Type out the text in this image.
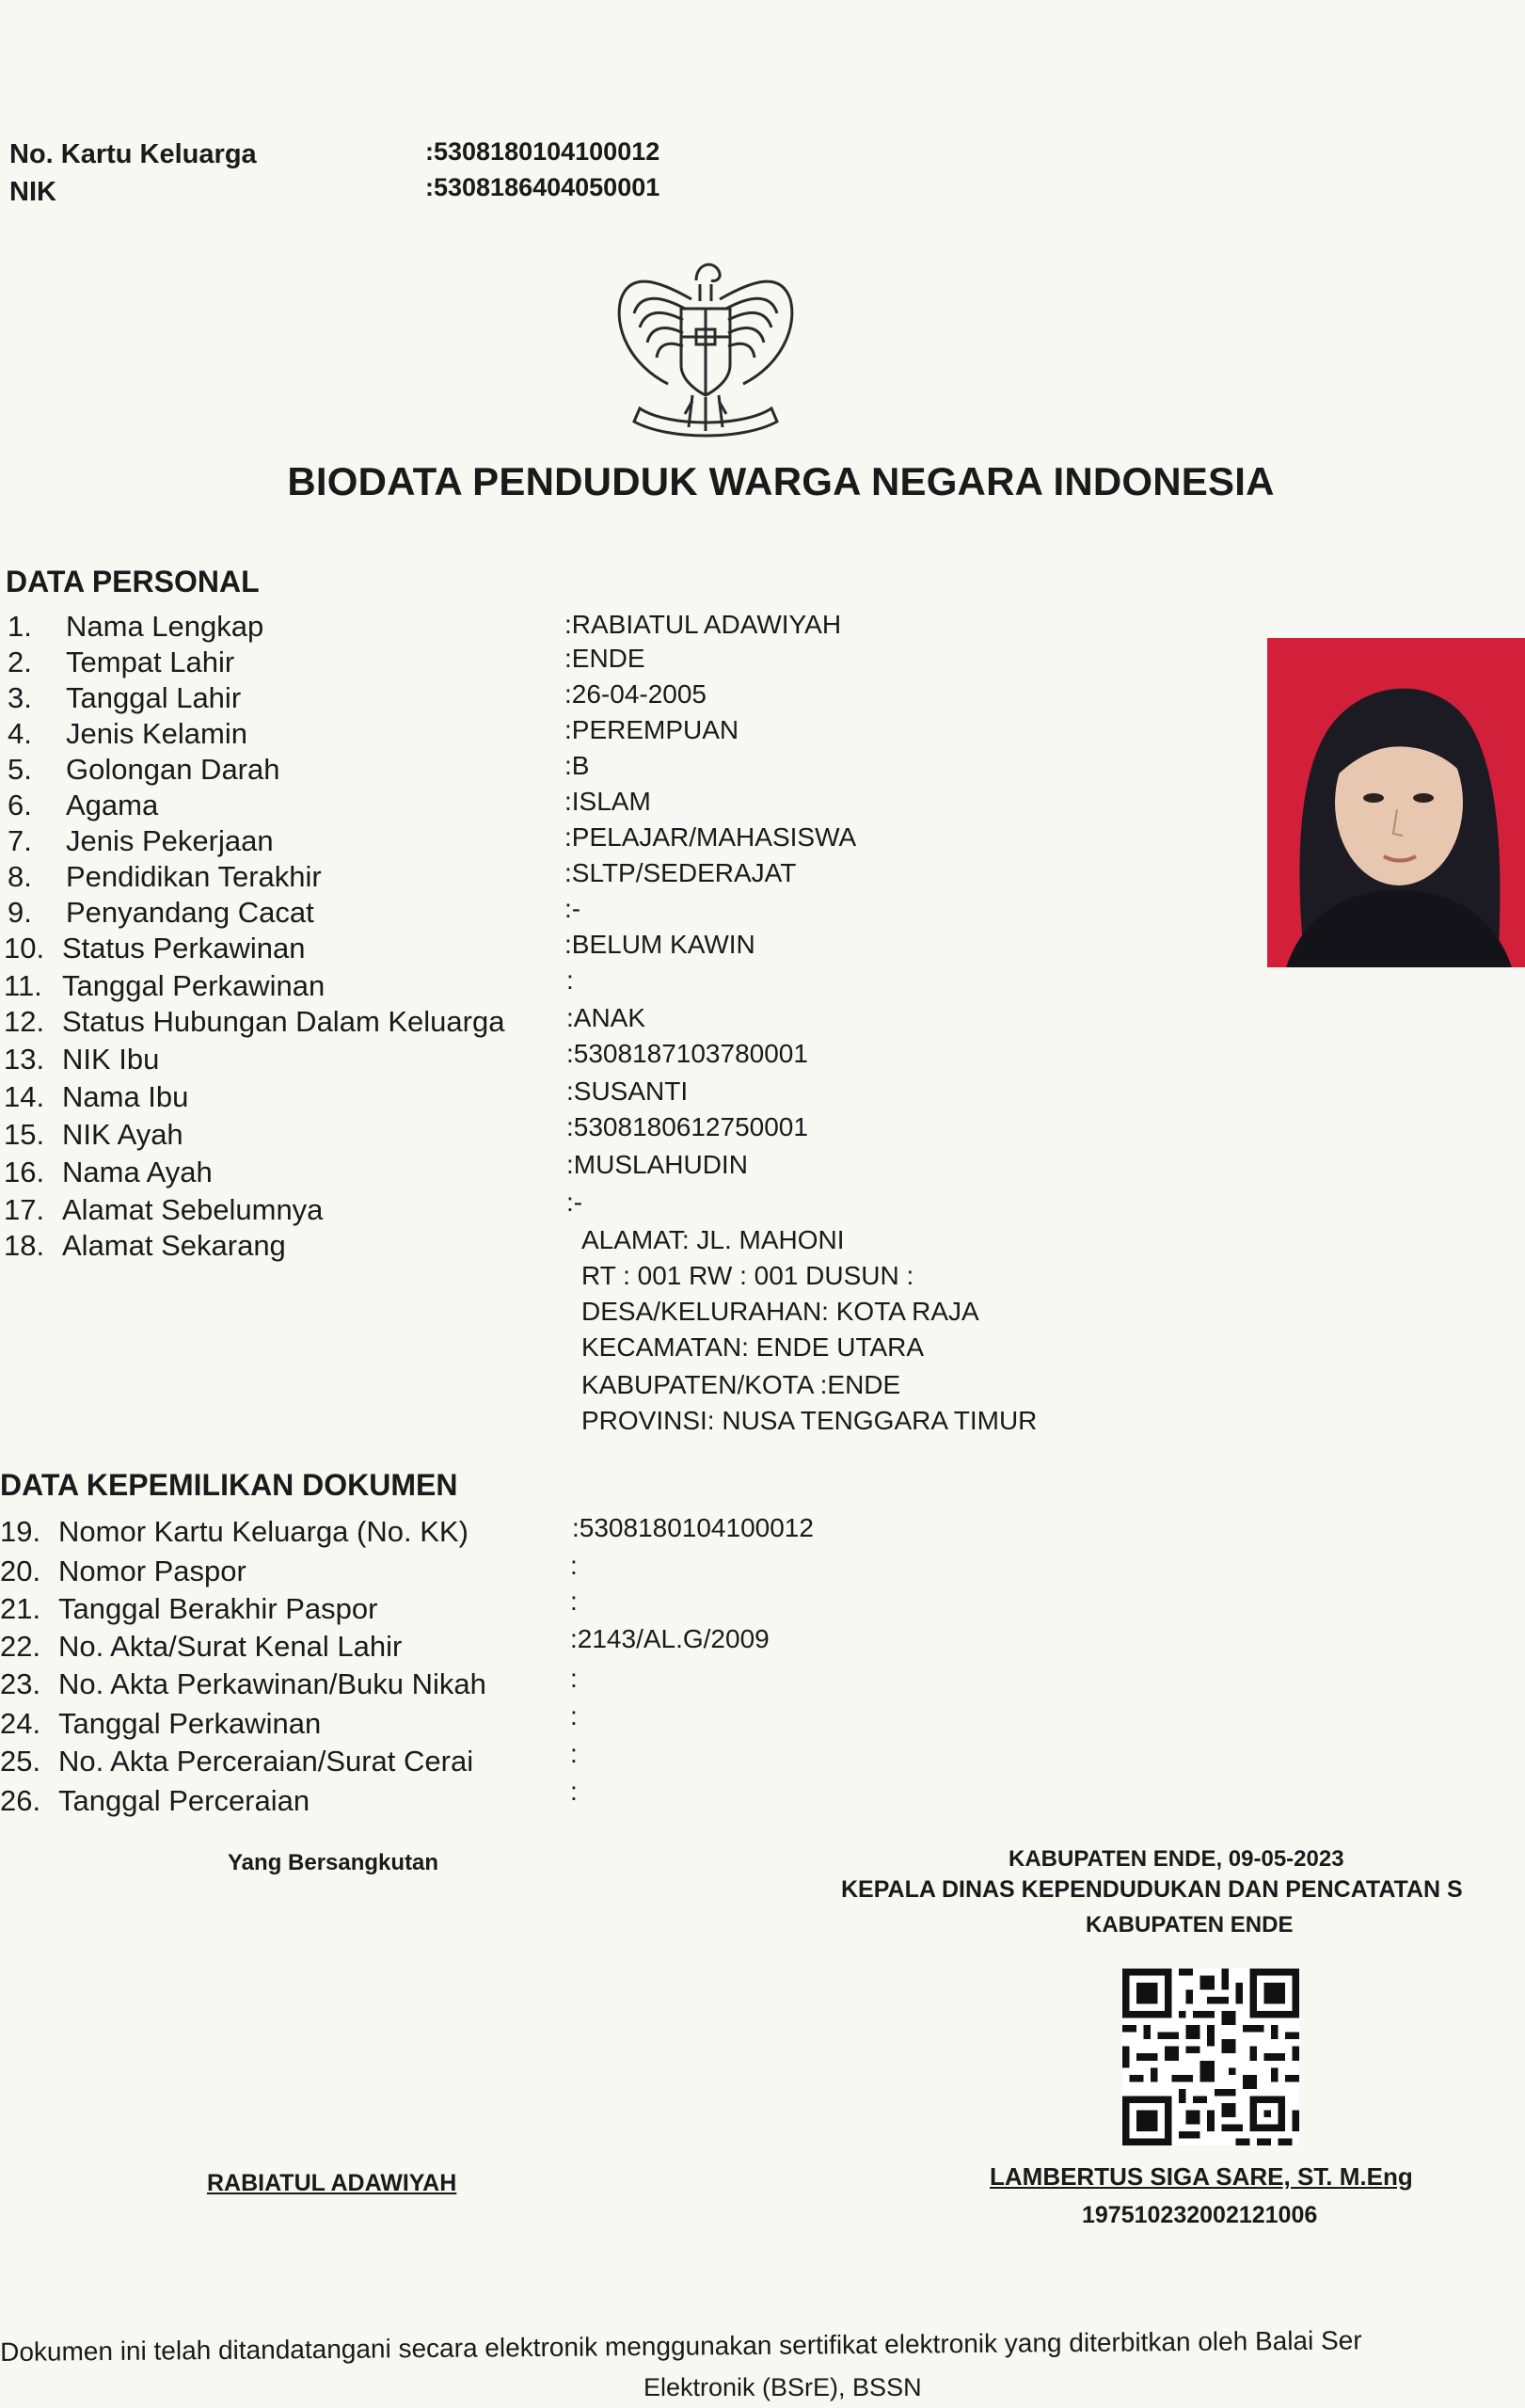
No. Kartu Keluarga	:5308180104100012
NIK	:5308186404050001
BIODATA PENDUDUK WARGA NEGARA INDONESIA
DATA PERSONAL
1. Nama Lengkap	:RABIATUL ADAWIYAH
2. Tempat Lahir	:ENDE
3. Tanggal Lahir	:26-04-2005
4. Jenis Kelamin	:PEREMPUAN
5. Golongan Darah	:B
6. Agama	:ISLAM
7. Jenis Pekerjaan	:PELAJAR/MAHASISWA
8. Pendidikan Terakhir	:SLTP/SEDERAJAT
9. Penyandang Cacat	:-
10. Status Perkawinan	:BELUM KAWIN
11. Tanggal Perkawinan	:
12. Status Hubungan Dalam Keluarga :ANAK
13. NIK Ibu	:5308187103780001
14. Nama Ibu	:SUSANTI
15. NIK Ayah	:5308180612750001
16. Nama Ayah	:MUSLAHUDIN
17. Alamat Sebelumnya	:-
18. Alamat Sekarang	ALAMAT: JL. MAHONI
RT : 001 RW : 001 DUSUN :
DESA/KELURAHAN: KOTA RAJA
KECAMATAN: ENDE UTARA
KABUPATEN/KOTA :ENDE
PROVINSI: NUSA TENGGARA TIMUR
DATA KEPEMILIKAN DOKUMEN
19. Nomor Kartu Keluarga (No. KK)	:5308180104100012
20. Nomor Paspor	:
21. Tanggal Berakhir Paspor	:
22. No. Akta/Surat Kenal Lahir	:2143/AL.G/2009
23. No. Akta Perkawinan/Buku Nikah	:
24. Tanggal Perkawinan	:
25. No. Akta Perceraian/Surat Cerai	:
26. Tanggal Perceraian	:
Yang Bersangkutan
RABIATUL ADAWIYAH
KABUPATEN ENDE, 09-05-2023
KEPALA DINAS KEPENDUDUKAN DAN PENCATATAN S
KABUPATEN ENDE
LAMBERTUS SIGA SARE, ST. M.Eng
197510232002121006
Dokumen ini telah ditandatangani secara elektronik menggunakan sertifikat elektronik yang diterbitkan oleh Balai Ser
Elektronik (BSrE), BSSN
